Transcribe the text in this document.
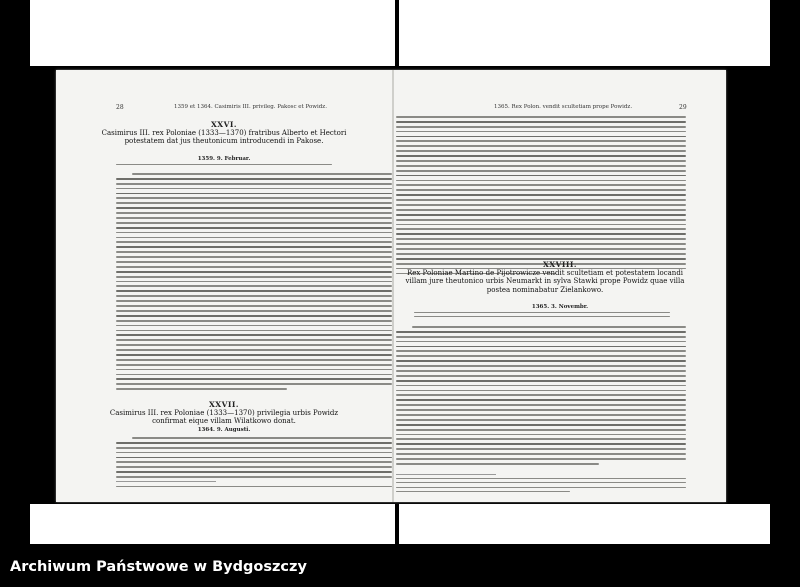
28	1359 et 1364. Casimiris III. privileg. Pakosc et Powidz.
XXVI.
Casimirus III. rex Poloniae (1333—1370) fratribus Alberto et Hectori potestatem dat jus theutonicum introducendi in Pakose.
1359. 9. Februar.
XXVII.
Casimirus III. rex Poloniae (1333—1370) privilegia urbis Powidz confirmat eique villam Wilatkowo donat.
1364. 9. Augusti.
1365. Rex Polon. vendit scultetiam prope Powidz.	29
XXVIII.
Rex Poloniae Martino de Pijotrowicze vendit scultetiam et potestatem locandi villam jure theutonico urbis Neumarkt in sylva Stawki prope Powidz quae villa postea nominabatur Zielankowo.
1365. 3. Novembr.
Archiwum Państwowe w Bydgoszczy
